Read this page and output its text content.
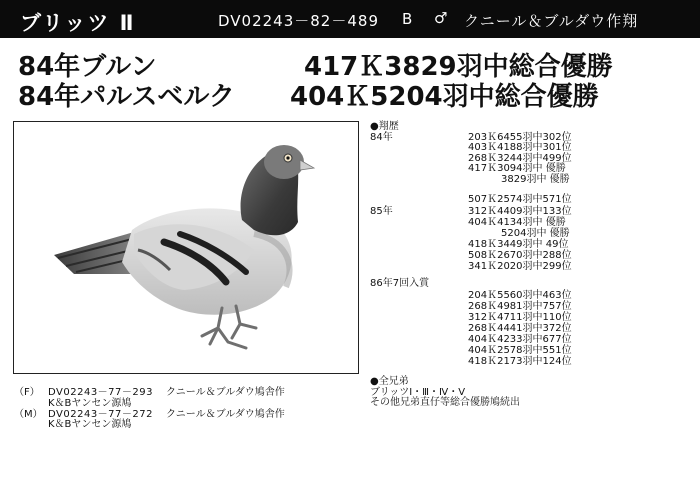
ブリッツ Ⅱ	DV02243－82－489 B ♂ クニール＆ブルダウ作翔
84年ブルン	417Ｋ3829羽中総合優勝
84年パルスベルク 404Ｋ5204羽中総合優勝
●翔歴
84年	203Ｋ6455羽中302位
403Ｋ4188羽中301位
268Ｋ3244羽中499位
417Ｋ3094羽中 優勝
3829羽中 優勝
507Ｋ2574羽中571位
85年	312Ｋ4409羽中133位
404Ｋ4134羽中 優勝
5204羽中 優勝
418Ｋ3449羽中 49位
508Ｋ2670羽中288位
341Ｋ2020羽中299位
86年7回入賞
204Ｋ5560羽中463位
268Ｋ4981羽中757位
312Ｋ4711羽中110位
268Ｋ4441羽中372位
404Ｋ4233羽中677位
404Ｋ2578羽中551位
418Ｋ2173羽中124位
●全兄弟
ブリッツⅠ・Ⅲ・Ⅳ・Ⅴ
その他兄弟直仔等総合優勝鳩続出
（F） DV02243－77－293 クニール＆ブルダウ鳩舎作
K＆Bヤンセン源鳩
（M） DV02243－77－272 クニール＆ブルダウ鳩舎作
K＆Bヤンセン源鳩
